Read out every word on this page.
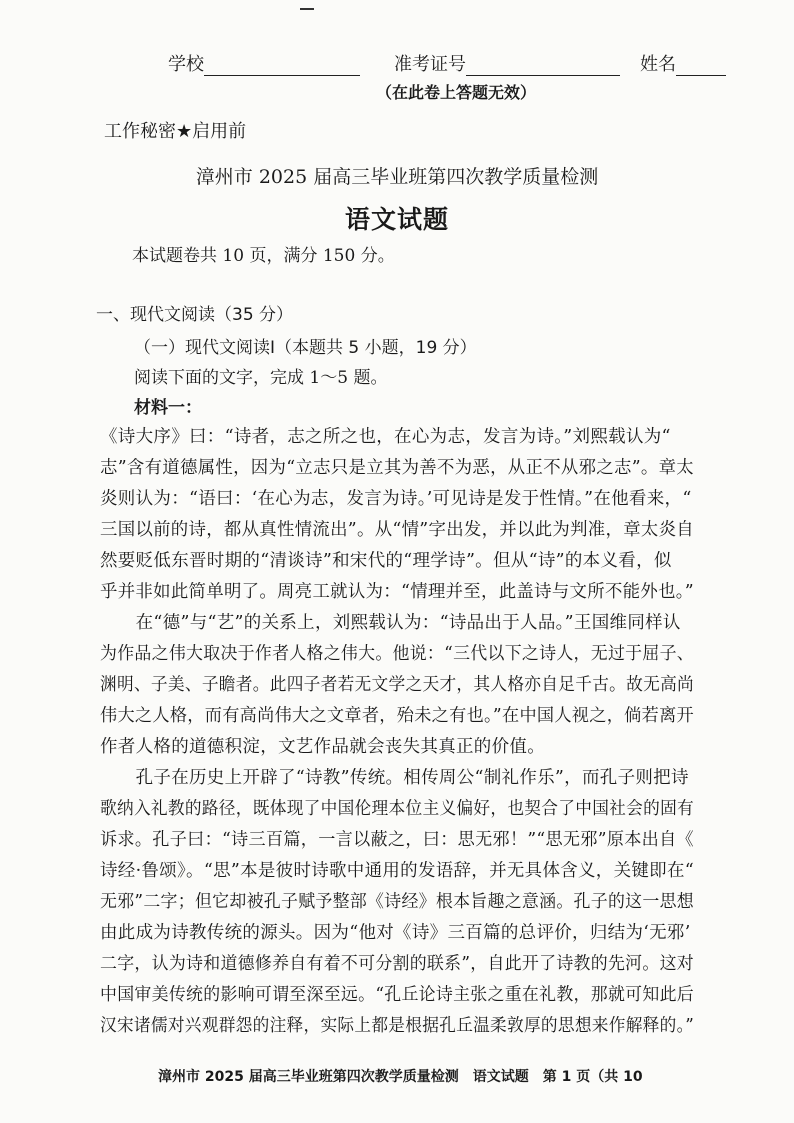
学校	准考证号	姓名
（在此卷上答题无效）
工作秘密★启用前
漳州市 2025 届高三毕业班第四次教学质量检测
语文试题
本试题卷共 10 页，满分 150 分。
一、现代文阅读（35 分）
（一）现代文阅读Ⅰ（本题共 5 小题，19 分）
阅读下面的文字，完成 1～5 题。
材料一：
《诗大序》曰：“诗者，志之所之也，在心为志，发言为诗。”刘熙载认为“
志”含有道德属性，因为“立志只是立其为善不为恶，从正不从邪之志”。章太
炎则认为：“语曰：‘在心为志，发言为诗。’可见诗是发于性情。”在他看来，“
三国以前的诗，都从真性情流出”。从“情”字出发，并以此为判准，章太炎自
然要贬低东晋时期的“清谈诗”和宋代的“理学诗”。但从“诗”的本义看，似
乎并非如此简单明了。周亮工就认为：“情理并至，此盖诗与文所不能外也。”
　　在“德”与“艺”的关系上，刘熙载认为：“诗品出于人品。”王国维同样认
为作品之伟大取决于作者人格之伟大。他说：“三代以下之诗人，无过于屈子、
渊明、子美、子瞻者。此四子者若无文学之天才，其人格亦自足千古。故无高尚
伟大之人格，而有高尚伟大之文章者，殆未之有也。”在中国人视之，倘若离开
作者人格的道德积淀，文艺作品就会丧失其真正的价值。
　　孔子在历史上开辟了“诗教”传统。相传周公“制礼作乐”，而孔子则把诗
歌纳入礼教的路径，既体现了中国伦理本位主义偏好，也契合了中国社会的固有
诉求。孔子曰：“诗三百篇，一言以蔽之，曰：思无邪！”“思无邪”原本出自《
诗经·鲁颂》。“思”本是彼时诗歌中通用的发语辞，并无具体含义，关键即在“
无邪”二字；但它却被孔子赋予整部《诗经》根本旨趣之意涵。孔子的这一思想
由此成为诗教传统的源头。因为“他对《诗》三百篇的总评价，归结为‘无邪’
二字，认为诗和道德修养自有着不可分割的联系”，自此开了诗教的先河。这对
中国审美传统的影响可谓至深至远。“孔丘论诗主张之重在礼教，那就可知此后
汉宋诸儒对兴观群怨的注释，实际上都是根据孔丘温柔敦厚的思想来作解释的。”
漳州市 2025 届高三毕业班第四次教学质量检测　语文试题　第 1 页（共 10
